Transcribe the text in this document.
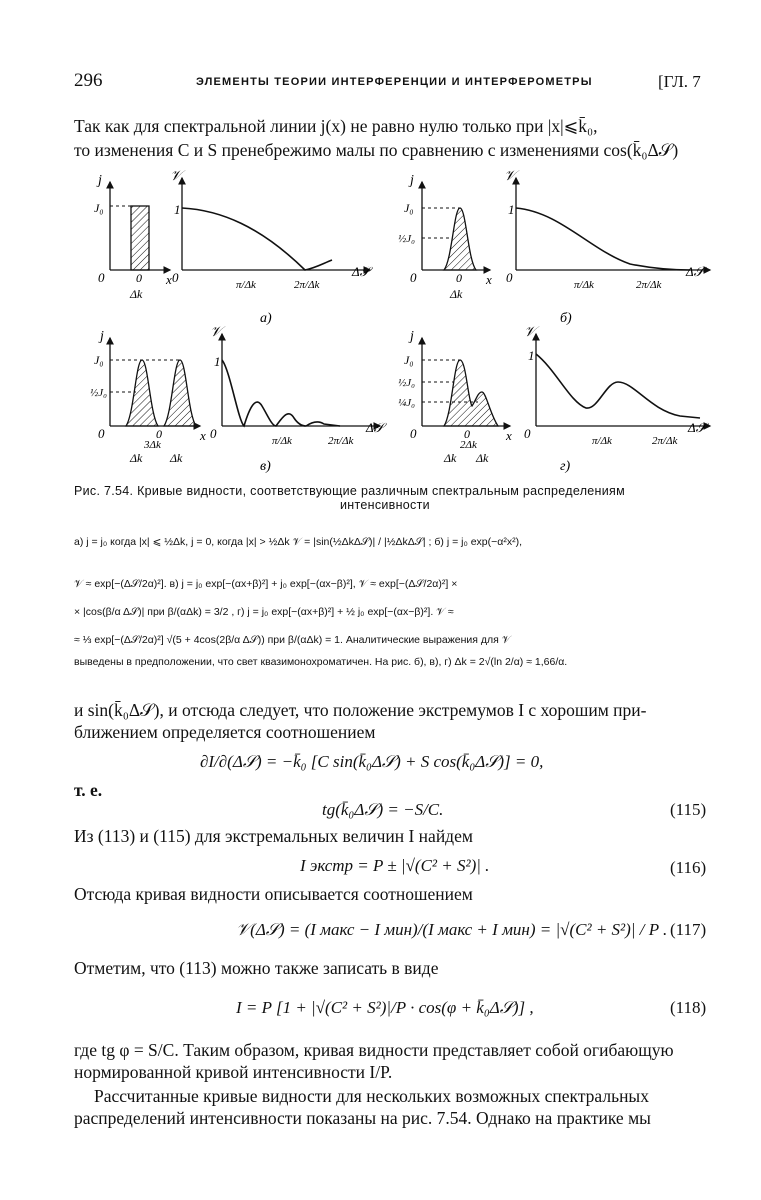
296	ЭЛЕМЕНТЫ ТЕОРИИ ИНТЕРФЕРЕНЦИИ И ИНТЕРФЕРОМЕТРЫ	[ГЛ. 7
Так как для спектральной линии j(x) не равно нулю только при |x|⩽k̄₀,
то изменения C и S пренебрежимо малы по сравнению с изменениями cos(k̄₀Δ𝒮)
j
J₀
0	0 x
Δk
𝒱
1
0	π/Δk	2π/Δk
Δ𝒮
a)
j
J₀
½J₀
0	0 x
Δk
𝒱
1
0	π/Δk	2π/Δk
Δ𝒮
б)
j
J₀
½J₀
0	0	x
3Δk
Δk Δk
𝒱
1
0	π/Δk	2π/Δk
Δ𝒮
в)
j
J₀
½J₀
¼J₀
0	0	x
2Δk
Δk Δk
𝒱
1
0	π/Δk	2π/Δk
Δ𝒮
г)
Рис. 7.54. Кривые видности, соответствующие различным спектральным распределениям
интенсивности
а) j = j₀ когда |x| ⩽ ½Δk, j = 0, когда |x| > ½Δk 𝒱 = |sin(½ΔkΔ𝒮)| / |½ΔkΔ𝒮| ; б) j = j₀ exp(−α²x²),
𝒱 ≈ exp[−(Δ𝒮/2α)²]. в) j = j₀ exp[−(αx+β)²] + j₀ exp[−(αx−β)²], 𝒱 ≈ exp[−(Δ𝒮/2α)²] ×
× |cos(β/α Δ𝒮)| при β/(αΔk) = 3/2 , г) j = j₀ exp[−(αx+β)²] + ½ j₀ exp[−(αx−β)²]. 𝒱 ≈
≈ ⅓ exp[−(Δ𝒮/2α)²] √(5 + 4cos(2β/α Δ𝒮)) при β/(αΔk) = 1. Аналитические выражения для 𝒱
выведены в предположении, что свет квазимонохроматичен. На рис. б), в), г) Δk = 2√(ln 2/α) ≈ 1,66/α.
и sin(k̄₀Δ𝒮), и отсюда следует, что положение экстремумов I с хорошим при-
ближением определяется соотношением
∂I/∂(Δ𝒮) = −k̄₀ [C sin(k̄₀Δ𝒮) + S cos(k̄₀Δ𝒮)] = 0,
т. е.
tg(k̄₀Δ𝒮) = −S/C.	(115)
Из (113) и (115) для экстремальных величин I найдем
I экстр = P ± |√(C² + S²)| .	(116)
Отсюда кривая видности описывается соотношением
𝒱(Δ𝒮) = (I макс − I мин)/(I макс + I мин) = |√(C² + S²)| / P . (117)
Отметим, что (113) можно также записать в виде
I = P [1 + |√(C² + S²)|/P · cos(φ + k̄₀Δ𝒮)] ,	(118)
где tg φ = S/C. Таким образом, кривая видности представляет собой огибающую
нормированной кривой интенсивности I/P.
Рассчитанные кривые видности для нескольких возможных спектральных
распределений интенсивности показаны на рис. 7.54. Однако на практике мы
